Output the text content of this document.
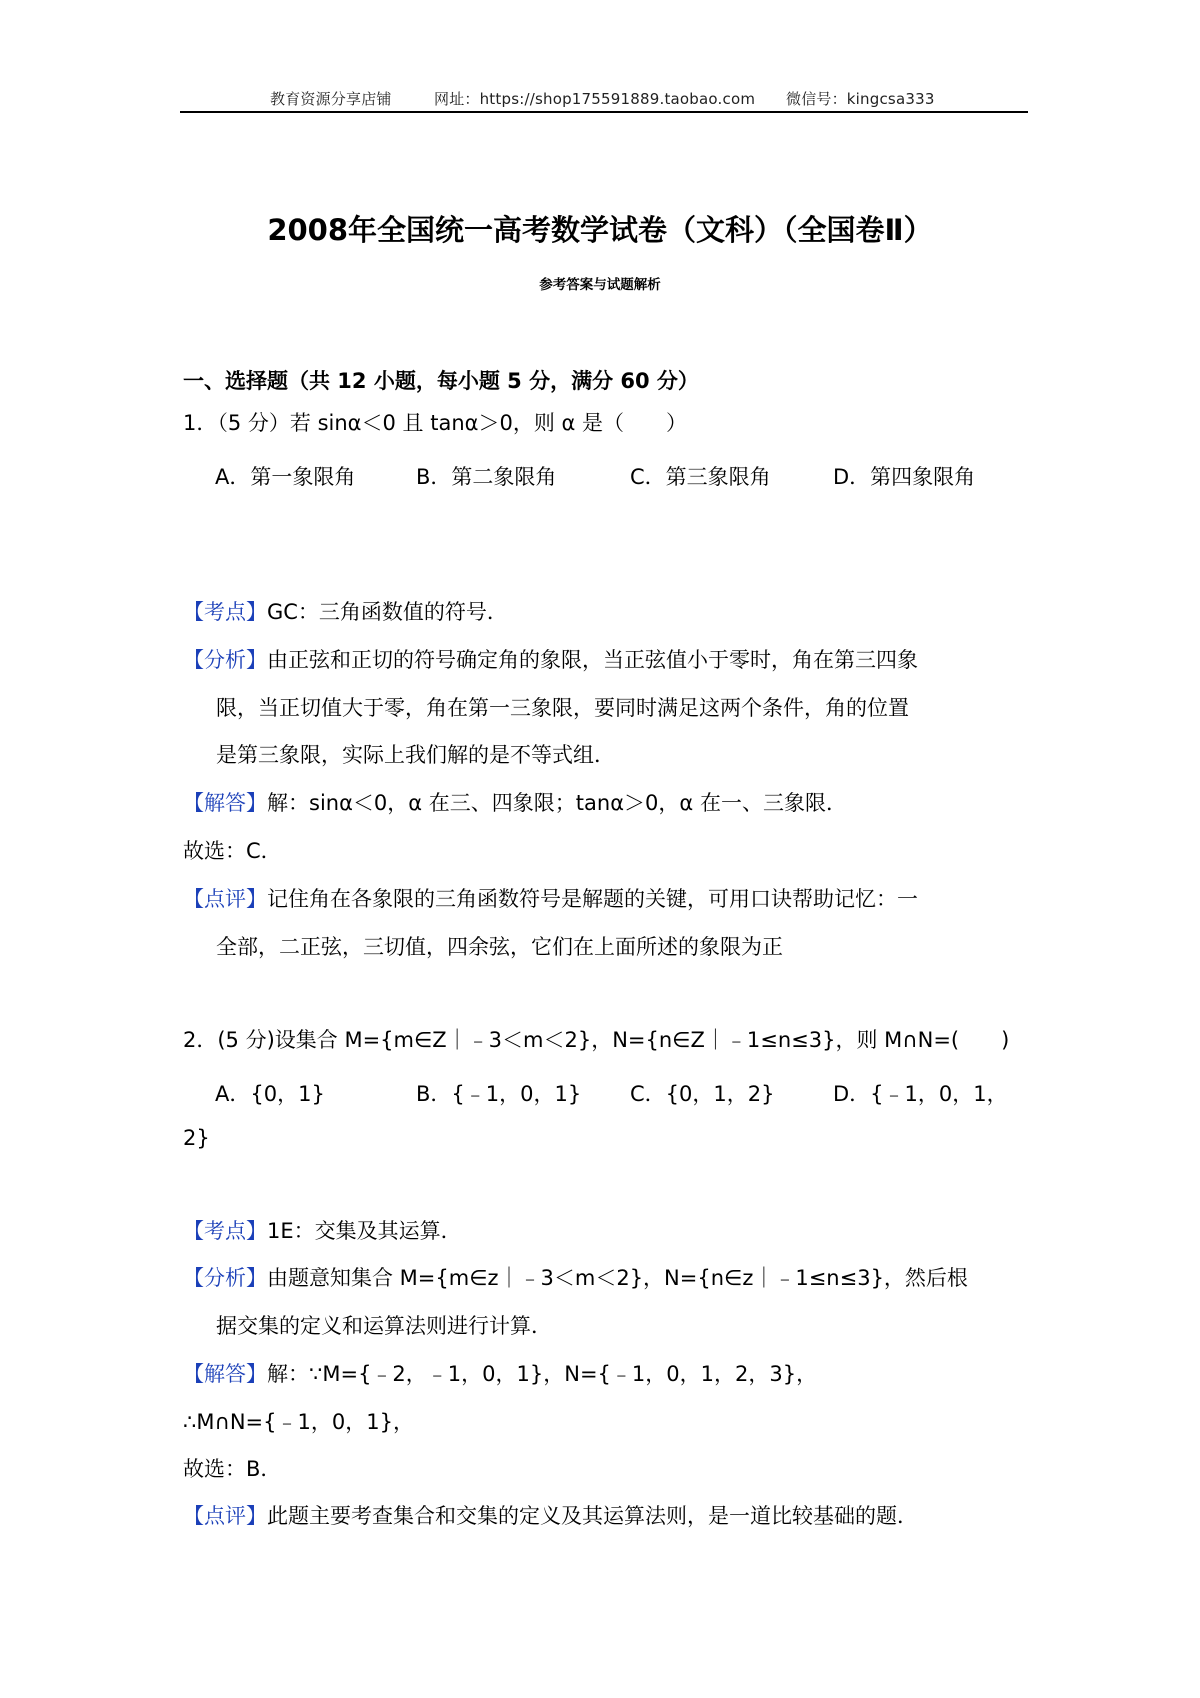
教育资源分享店铺	网址：https://shop175591889.taobao.com 微信号：kingcsa333
2008年全国统一高考数学试卷（文科）（全国卷Ⅱ）
参考答案与试题解析
一、选择题（共 12 小题，每小题 5 分，满分 60 分）
1．（5 分）若 sinα＜0 且 tanα＞0，则 α 是（　　）
A．第一象限角	B．第二象限角	C．第三象限角	D．第四象限角
【考点】GC：三角函数值的符号．
【分析】由正弦和正切的符号确定角的象限，当正弦值小于零时，角在第三四象
限，当正切值大于零，角在第一三象限，要同时满足这两个条件，角的位置
是第三象限，实际上我们解的是不等式组．
【解答】解：sinα＜0，α 在三、四象限；tanα＞0，α 在一、三象限．
故选：C．
【点评】记住角在各象限的三角函数符号是解题的关键，可用口诀帮助记忆：一
全部，二正弦，三切值，四余弦，它们在上面所述的象限为正
2．(5 分)设集合 M={m∈Z｜﹣3＜m＜2}，N={n∈Z｜﹣1≤n≤3}，则 M∩N=(　　)
A．{0，1}	B．{﹣1，0，1} C．{0，1，2}	D．{﹣1，0，1，
2}
【考点】1E：交集及其运算．
【分析】由题意知集合 M={m∈z｜﹣3＜m＜2}，N={n∈z｜﹣1≤n≤3}，然后根
据交集的定义和运算法则进行计算．
【解答】解：∵M={﹣2，﹣1，0，1}，N={﹣1，0，1，2，3}，
∴M∩N={﹣1，0，1}，
故选：B．
【点评】此题主要考查集合和交集的定义及其运算法则，是一道比较基础的题．
